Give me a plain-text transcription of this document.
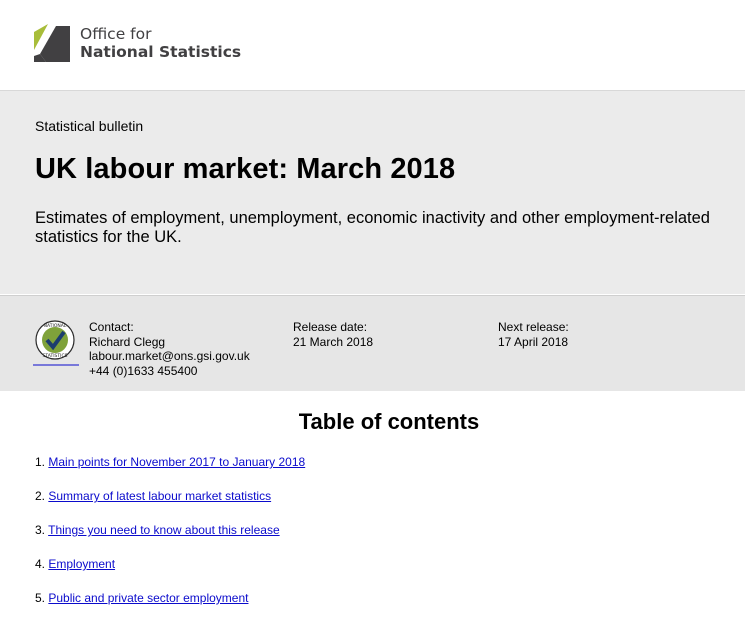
Office for
National Statistics
Statistical bulletin
UK labour market: March 2018

Estimates of employment, unemployment, economic inactivity and other employment-related statistics for the UK.

NATIONAL
STATISTICS
Contact:
Richard Clegg
labour.market@ons.gsi.gov.uk
+44 (0)1633 455400
Release date:
21 March 2018
Next release:
17 April 2018
Table of contents
1. Main points for November 2017 to January 2018
2. Summary of latest labour market statistics
3. Things you need to know about this release
4. Employment
5. Public and private sector employment
